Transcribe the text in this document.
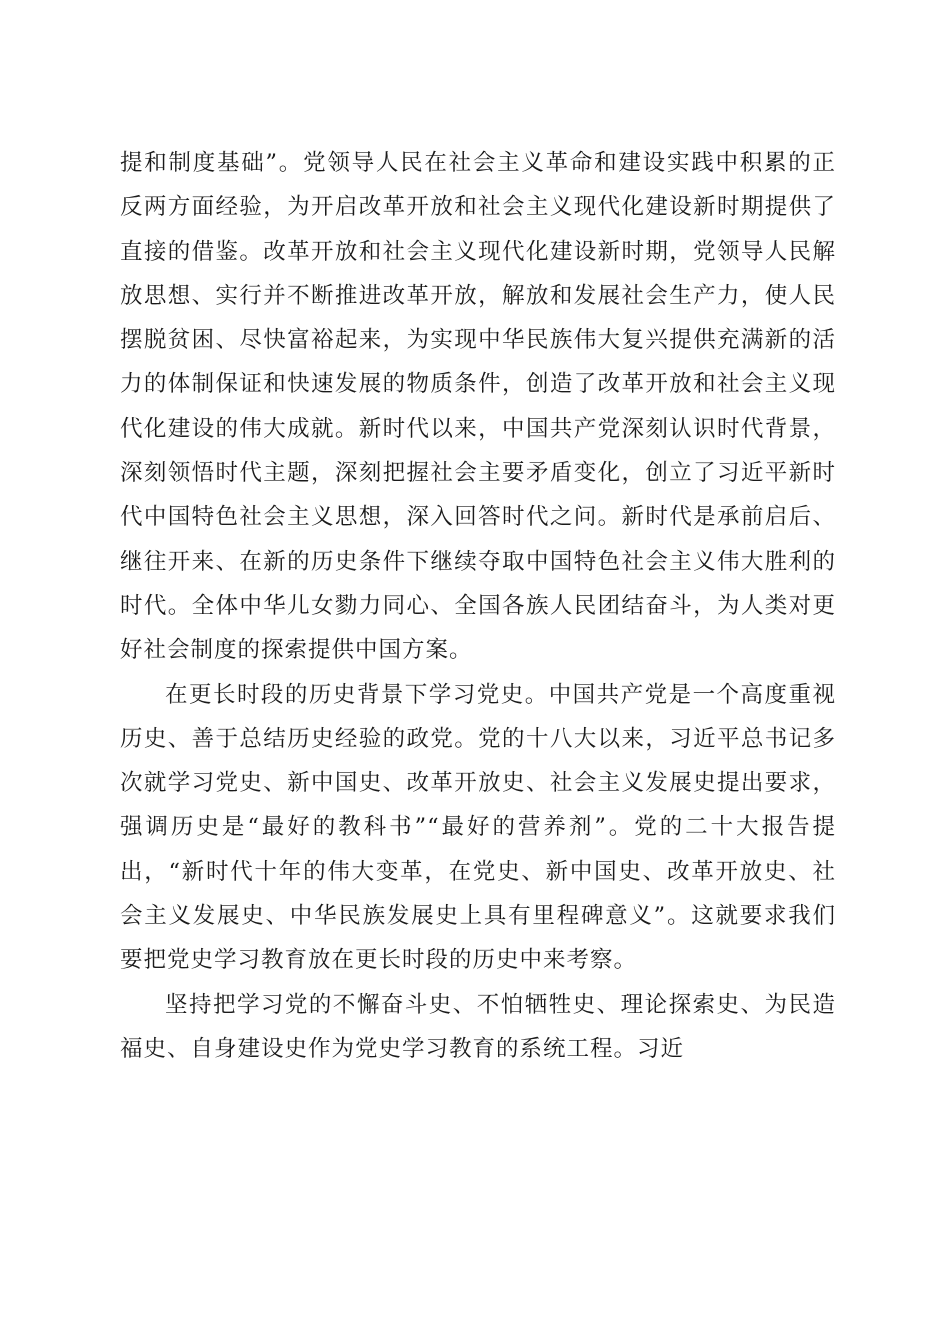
提和制度基础”。党领导人民在社会主义革命和建设实践中积累的正反两方面经验，为开启改革开放和社会主义现代化建设新时期提供了直接的借鉴。改革开放和社会主义现代化建设新时期，党领导人民解放思想、实行并不断推进改革开放，解放和发展社会生产力，使人民摆脱贫困、尽快富裕起来，为实现中华民族伟大复兴提供充满新的活力的体制保证和快速发展的物质条件，创造了改革开放和社会主义现代化建设的伟大成就。新时代以来，中国共产党深刻认识时代背景，深刻领悟时代主题，深刻把握社会主要矛盾变化，创立了习近平新时代中国特色社会主义思想，深入回答时代之问。新时代是承前启后、继往开来、在新的历史条件下继续夺取中国特色社会主义伟大胜利的时代。全体中华儿女勠力同心、全国各族人民团结奋斗，为人类对更好社会制度的探索提供中国方案。

在更长时段的历史背景下学习党史。中国共产党是一个高度重视历史、善于总结历史经验的政党。党的十八大以来，习近平总书记多次就学习党史、新中国史、改革开放史、社会主义发展史提出要求，强调历史是“最好的教科书”“最好的营养剂”。党的二十大报告提出，“新时代十年的伟大变革，在党史、新中国史、改革开放史、社会主义发展史、中华民族发展史上具有里程碑意义”。这就要求我们要把党史学习教育放在更长时段的历史中来考察。

坚持把学习党的不懈奋斗史、不怕牺牲史、理论探索史、为民造福史、自身建设史作为党史学习教育的系统工程。习近
